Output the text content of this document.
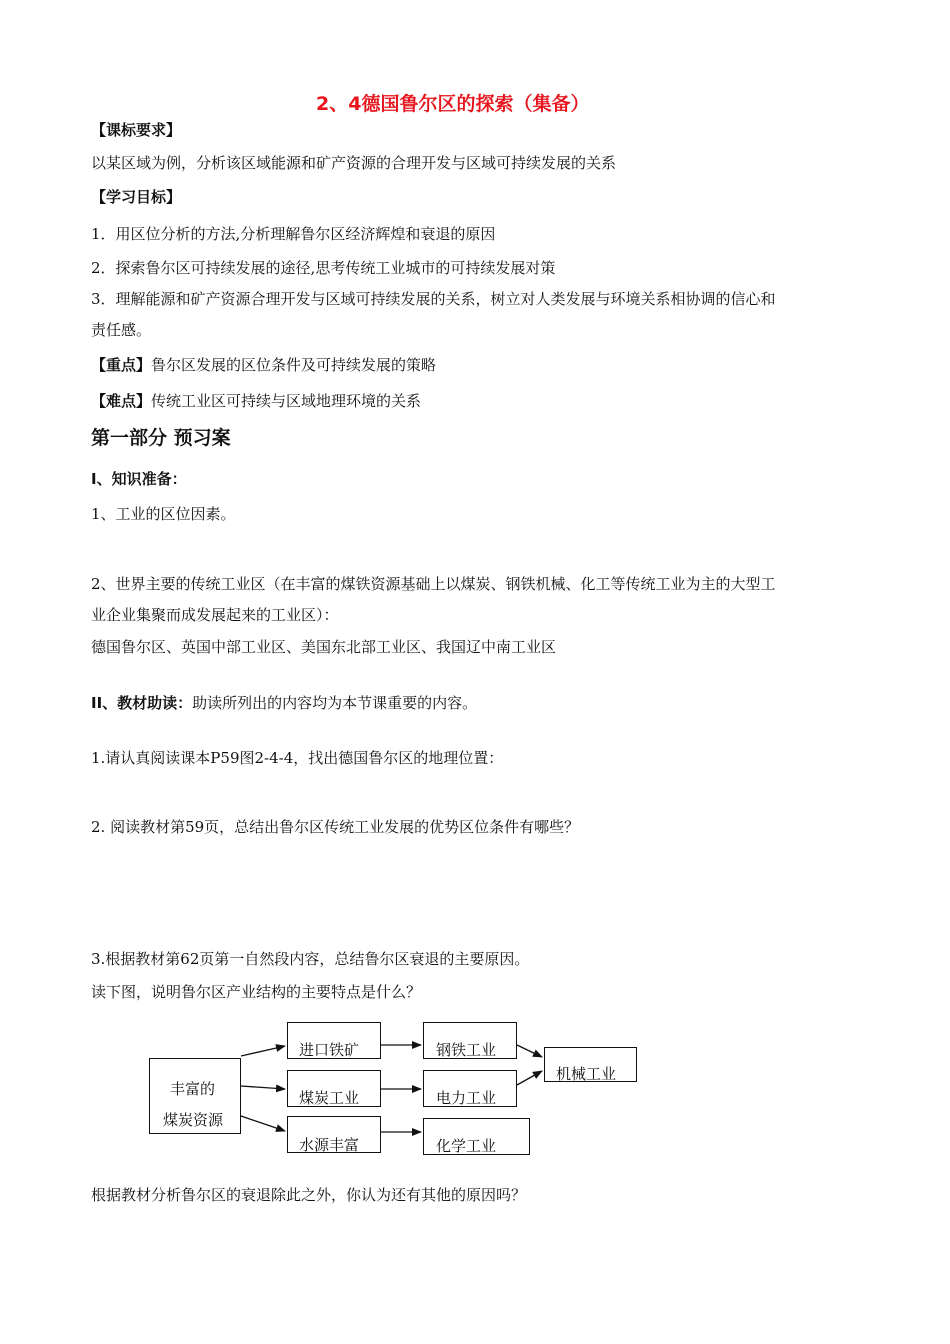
2、4德国鲁尔区的探索（集备）
【课标要求】
以某区域为例，分析该区域能源和矿产资源的合理开发与区域可持续发展的关系
【学习目标】
1．用区位分析的方法,分析理解鲁尔区经济辉煌和衰退的原因
2．探索鲁尔区可持续发展的途径,思考传统工业城市的可持续发展对策
3．理解能源和矿产资源合理开发与区域可持续发展的关系，树立对人类发展与环境关系相协调的信心和
责任感。
【重点】鲁尔区发展的区位条件及可持续发展的策略
【难点】传统工业区可持续与区域地理环境的关系
第一部分 预习案
I、知识准备：
1、工业的区位因素。
2、世界主要的传统工业区（在丰富的煤铁资源基础上以煤炭、钢铁机械、化工等传统工业为主的大型工
业企业集聚而成发展起来的工业区）：
德国鲁尔区、英国中部工业区、美国东北部工业区、我国辽中南工业区
II、教材助读：助读所列出的内容均为本节课重要的内容。
1.请认真阅读课本P59图2-4-4，找出德国鲁尔区的地理位置：
2. 阅读教材第59页，总结出鲁尔区传统工业发展的优势区位条件有哪些？
3.根据教材第62页第一自然段内容，总结鲁尔区衰退的主要原因。
读下图，说明鲁尔区产业结构的主要特点是什么？
丰富的
煤炭资源
进口铁矿
煤炭工业
水源丰富
钢铁工业
电力工业
化学工业
机械工业
根据教材分析鲁尔区的衰退除此之外，你认为还有其他的原因吗？
